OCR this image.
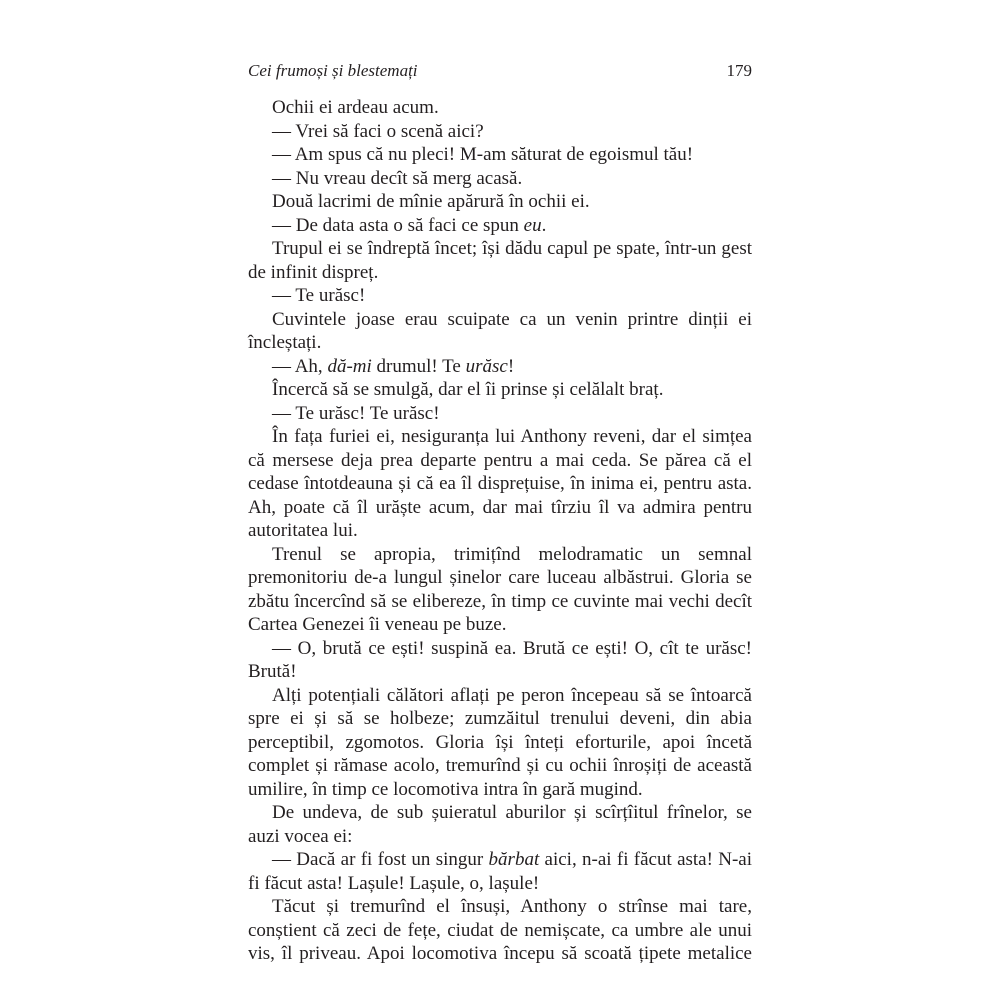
Cei frumoși și blestemați	179

Ochii ei ardeau acum.

— Vrei să faci o scenă aici?

— Am spus că nu pleci! M-am săturat de egoismul tău!

— Nu vreau decît să merg acasă.

Două lacrimi de mînie apărură în ochii ei.

— De data asta o să faci ce spun eu.

Trupul ei se îndreptă încet; își dădu capul pe spate, într-un gest de infinit dispreț.

— Te urăsc!

Cuvintele joase erau scuipate ca un venin printre dinții ei încleștați.

— Ah, dă-mi drumul! Te urăsc!

Încercă să se smulgă, dar el îi prinse și celălalt braț.

— Te urăsc! Te urăsc!

În fața furiei ei, nesiguranța lui Anthony reveni, dar el simțea că mersese deja prea departe pentru a mai ceda. Se părea că el cedase întotdeauna și că ea îl disprețuise, în inima ei, pentru asta. Ah, poate că îl urăște acum, dar mai tîrziu îl va admira pentru autoritatea lui.

Trenul se apropia, trimițînd melodramatic un semnal premonitoriu de-a lungul șinelor care luceau albăstrui. Gloria se zbătu încercînd să se elibereze, în timp ce cuvinte mai vechi decît Cartea Genezei îi veneau pe buze.

— O, brută ce ești! suspină ea. Brută ce ești! O, cît te urăsc! Brută!

Alți potențiali călători aflați pe peron începeau să se întoarcă spre ei și să se holbeze; zumzăitul trenului deveni, din abia perceptibil, zgomotos. Gloria își înteți eforturile, apoi încetă complet și rămase acolo, tremurînd și cu ochii înroșiți de această umilire, în timp ce locomotiva intra în gară mugind.

De undeva, de sub șuieratul aburilor și scîrțîitul frînelor, se auzi vocea ei:

— Dacă ar fi fost un singur bărbat aici, n-ai fi făcut asta! N-ai fi făcut asta! Lașule! Lașule, o, lașule!

Tăcut și tremurînd el însuși, Anthony o strînse mai tare, conștient că zeci de fețe, ciudat de nemișcate, ca umbre ale unui vis, îl priveau. Apoi locomotiva începu să scoată țipete metalice
